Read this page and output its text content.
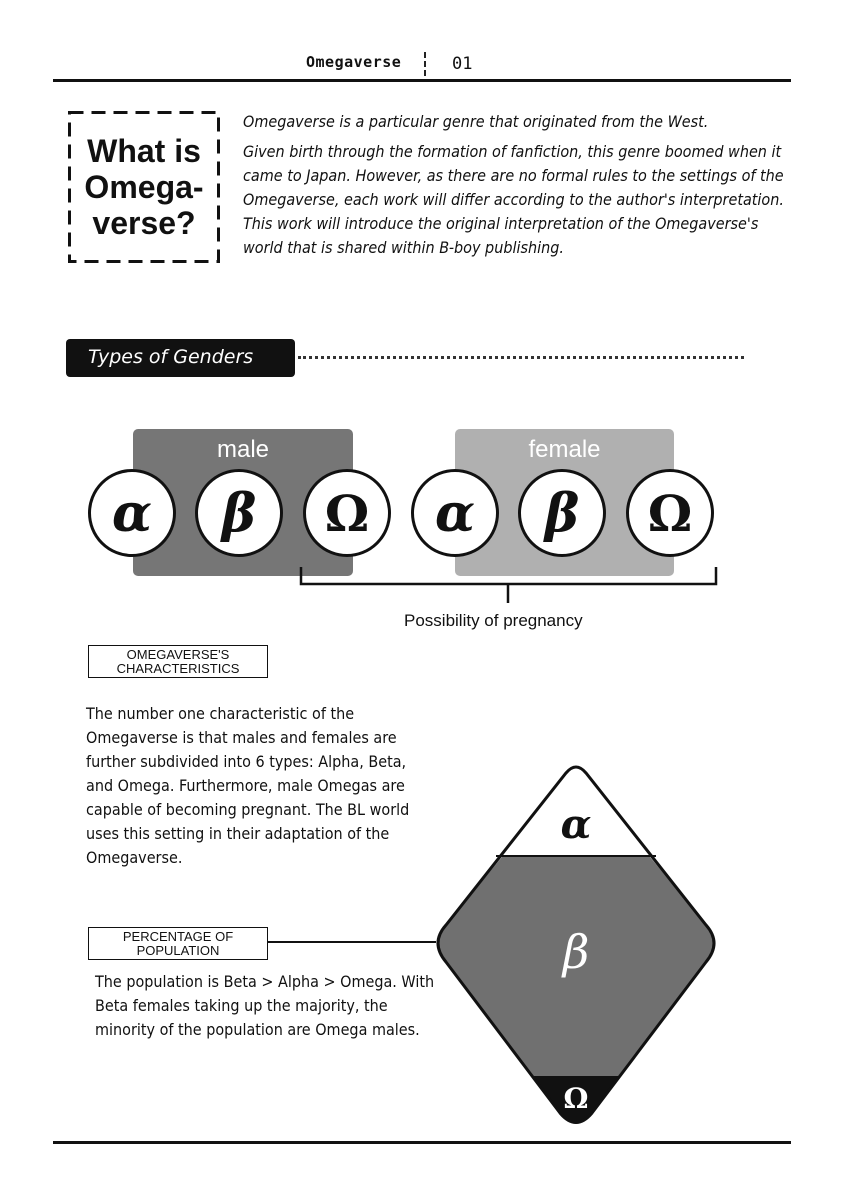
Omegaverse	01
What is
Omega-
verse?

Omegaverse is a particular genre that originated from the West.

Given birth through the formation of fanfiction, this genre boomed when it came to Japan. However, as there are no formal rules to the settings of the Omegaverse, each work will differ according to the author's interpretation. This work will introduce the original interpretation of the Omegaverse's world that is shared within B-boy publishing.

Types of Genders
male	female
α	β	Ω	α	β	Ω
Possibility of pregnancy
OMEGAVERSE'S CHARACTERISTICS
The number one characteristic of the Omegaverse is that males and females are further subdivided into 6 types: Alpha, Beta, and Omega. Furthermore, male Omegas are capable of becoming pregnant. The BL world uses this setting in their adaptation of the Omegaverse.
α
β
Ω
PERCENTAGE OF POPULATION
The population is Beta > Alpha > Omega. With Beta females taking up the majority, the minority of the population are Omega males.
